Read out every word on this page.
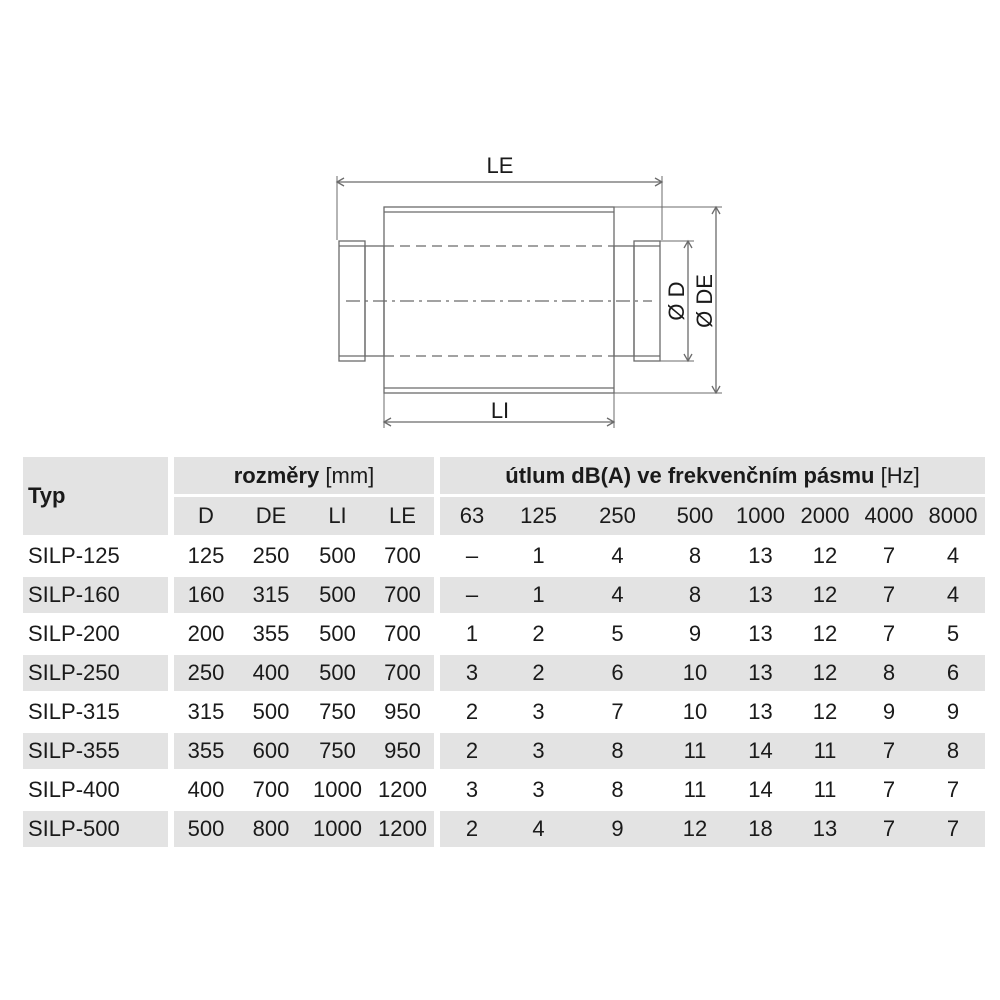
LE
LI
Ø D Ø DE
Typ		rozměry [mm]					útlum dB(A) ve frekvenčním pásmu [Hz]							
		D	DE	LI	LE		63	125	250	500	1000	2000	4000	8000
SILP-125		125	250	500	700		–	1	4	8	13	12	7	4
SILP-160		160	315	500	700		–	1	4	8	13	12	7	4
SILP-200		200	355	500	700		1	2	5	9	13	12	7	5
SILP-250		250	400	500	700		3	2	6	10	13	12	8	6
SILP-315		315	500	750	950		2	3	7	10	13	12	9	9
SILP-355		355	600	750	950		2	3	8	11	14	11	7	8
SILP-400		400	700	1000	1200		3	3	8	11	14	11	7	7
SILP-500		500	800	1000	1200		2	4	9	12	18	13	7	7
